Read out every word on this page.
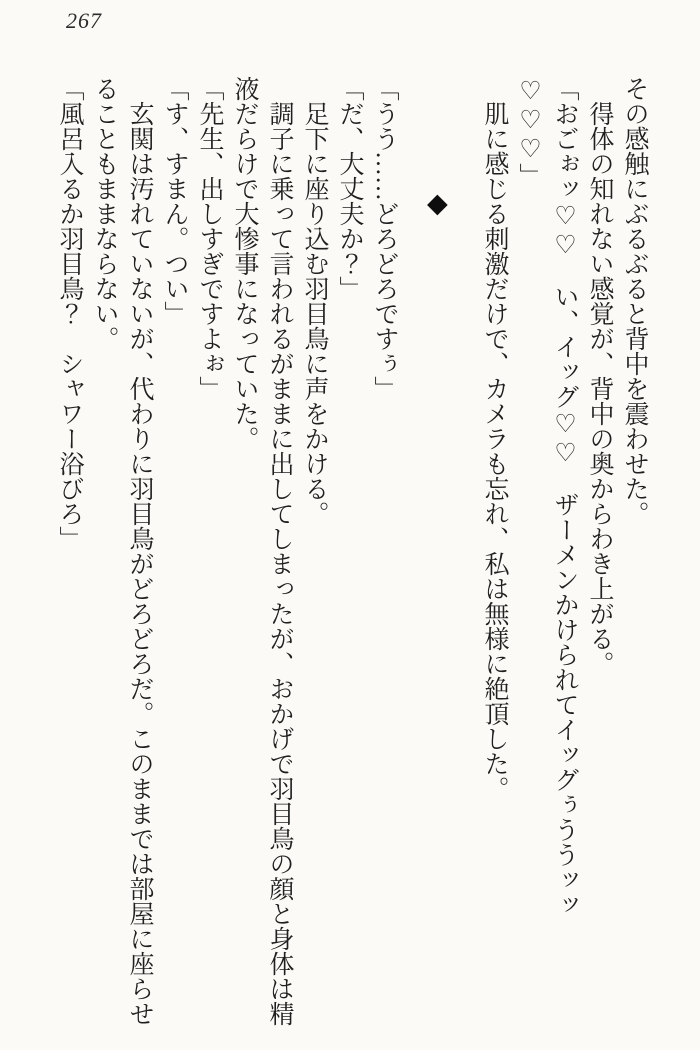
267

その感触にぶるぶると背中を震わせた。

得体の知れない感覚が、背中の奥からわき上がる。

「おごぉッ♡♡　い、イッグ♡♡　ザーメンかけられてイッグぅううッッ♡♡♡」

肌に感じる刺激だけで、カメラも忘れ、私は無様に絶頂した。

◆

「うう……どろどろですぅ」

「だ、大丈夫か？」

足下に座り込む羽目鳥に声をかける。

調子に乗って言われるがままに出してしまったが、おかげで羽目鳥の顔と身体は精液だらけで大惨事になっていた。

「先生、出しすぎですよぉ」

「す、すまん。つい」

玄関は汚れていないが、代わりに羽目鳥がどろどろだ。このままでは部屋に座らせることもままならない。

「風呂入るか羽目鳥？　シャワー浴びろ」
